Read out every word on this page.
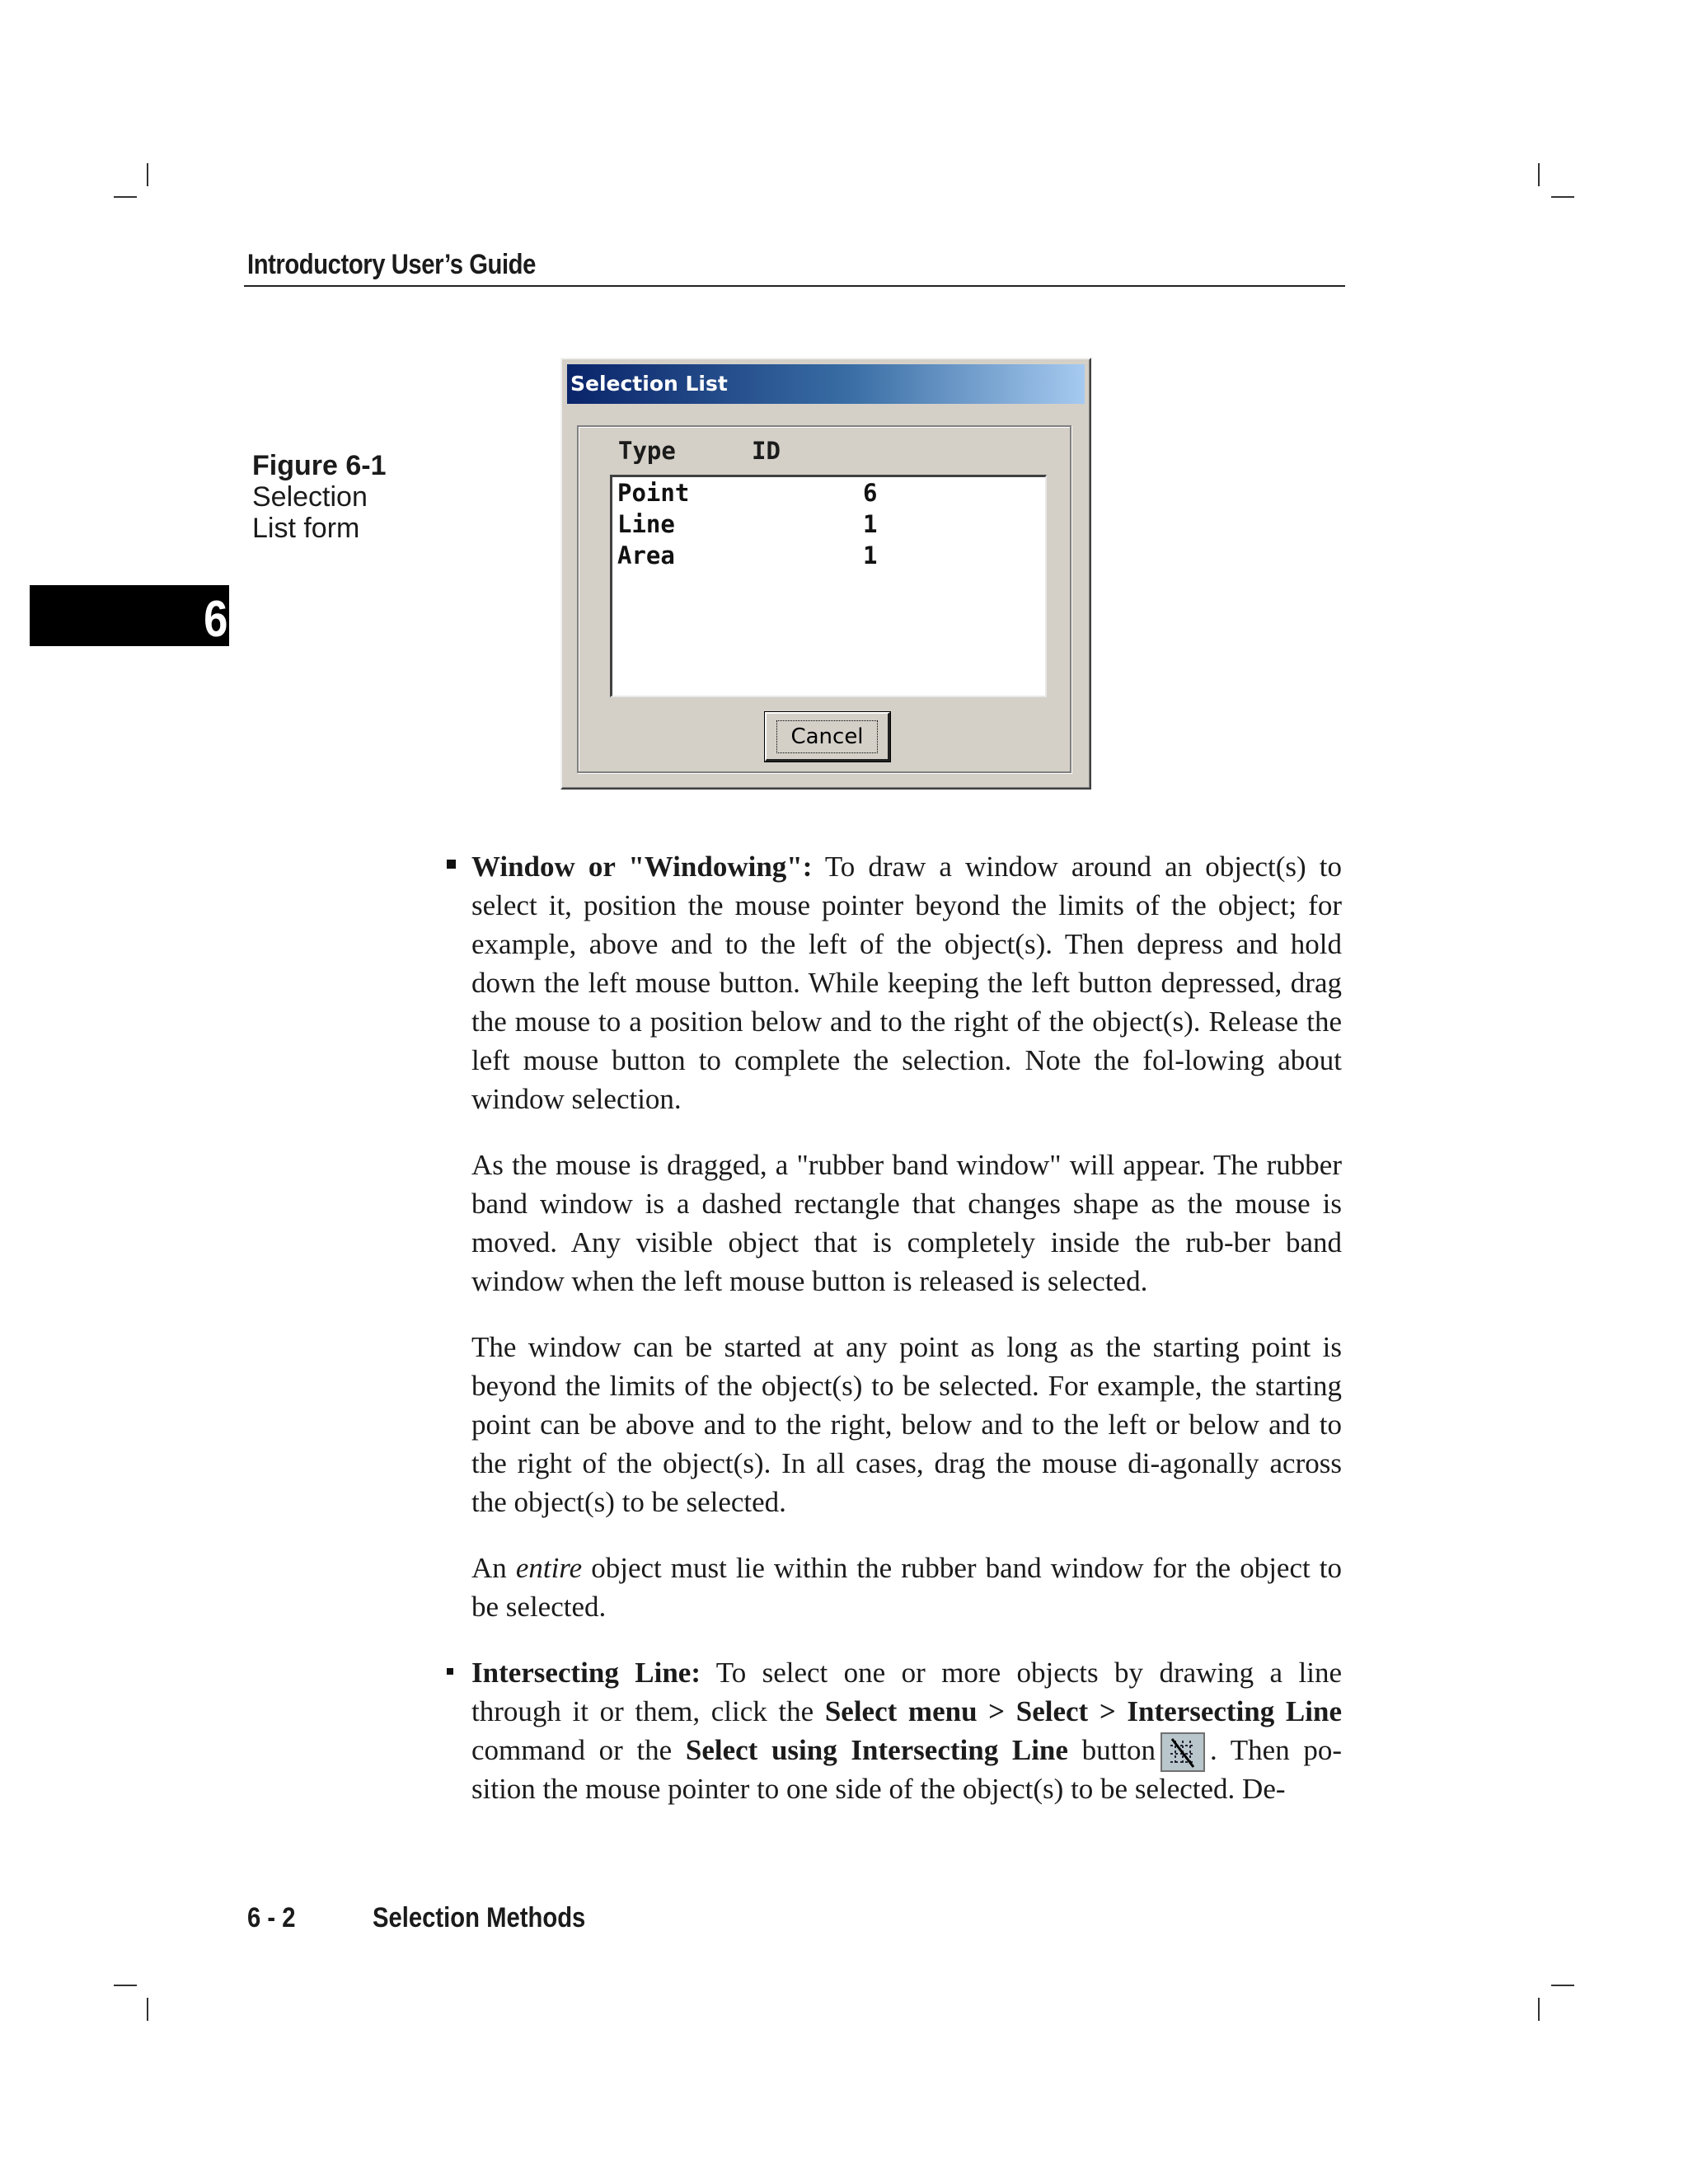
Introductory User’s Guide
Figure 6-1
Selection
List form
6
Selection List
Type	ID
Point	6
Line	1
Area	1
Cancel

Window or "Windowing": To draw a window around an object(s) to select it, position the mouse pointer beyond the limits of the object; for example, above and to the left of the object(s). Then depress and hold down the left mouse button. While keeping the left button depressed, drag the mouse to a position below and to the right of the object(s). Release the left mouse button to complete the selection. Note the fol-lowing about window selection.

As the mouse is dragged, a "rubber band window" will appear. The rubber band window is a dashed rectangle that changes shape as the mouse is moved. Any visible object that is completely inside the rub-ber band window when the left mouse button is released is selected.

The window can be started at any point as long as the starting point is beyond the limits of the object(s) to be selected. For example, the starting point can be above and to the right, below and to the left or below and to the right of the object(s). In all cases, drag the mouse di-agonally across the object(s) to be selected.

An entire object must lie within the rubber band window for the object to be selected.

Intersecting Line: To select one or more objects by drawing a line through it or them, click the Select menu > Select > Intersecting Line command or the Select using Intersecting Line button . Then po-sition the mouse pointer to one side of the object(s) to be selected. De-

6 - 2	Selection Methods
